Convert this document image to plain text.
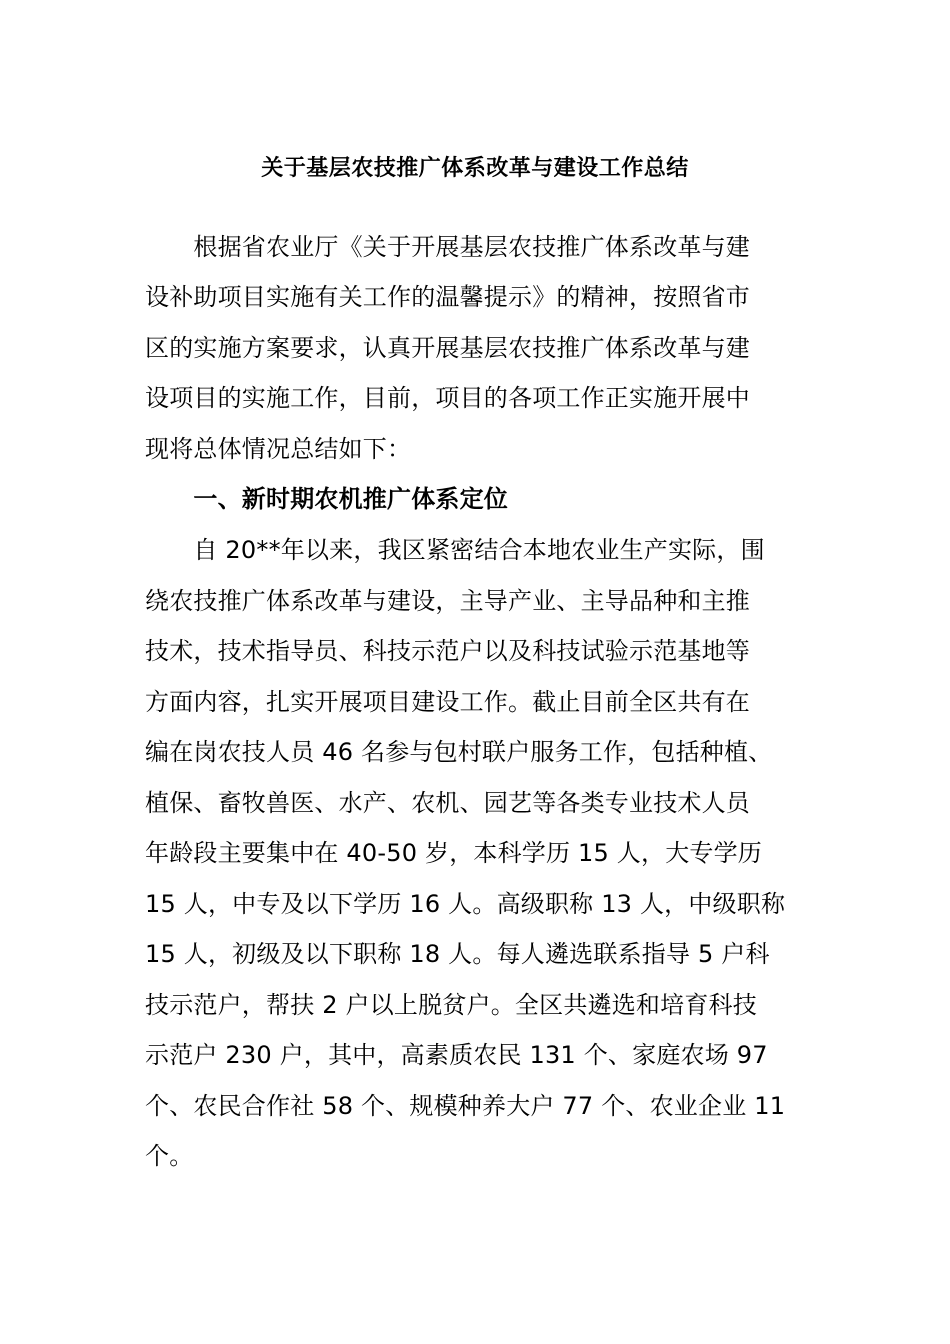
关于基层农技推广体系改革与建设工作总结

　　根据省农业厅《关于开展基层农技推广体系改革与建

设补助项目实施有关工作的温馨提示》的精神，按照省市

区的实施方案要求，认真开展基层农技推广体系改革与建

设项目的实施工作，目前，项目的各项工作正实施开展中

现将总体情况总结如下：

　　一、新时期农机推广体系定位

　　自 20**年以来，我区紧密结合本地农业生产实际，围

绕农技推广体系改革与建设，主导产业、主导品种和主推

技术，技术指导员、科技示范户以及科技试验示范基地等

方面内容，扎实开展项目建设工作。截止目前全区共有在

编在岗农技人员 46 名参与包村联户服务工作，包括种植、

植保、畜牧兽医、水产、农机、园艺等各类专业技术人员

年龄段主要集中在 40-50 岁，本科学历 15 人，大专学历

15 人，中专及以下学历 16 人。高级职称 13 人，中级职称

15 人，初级及以下职称 18 人。每人遴选联系指导 5 户科

技示范户，帮扶 2 户以上脱贫户。全区共遴选和培育科技

示范户 230 户，其中，高素质农民 131 个、家庭农场 97

个、农民合作社 58 个、规模种养大户 77 个、农业企业 11

个。
